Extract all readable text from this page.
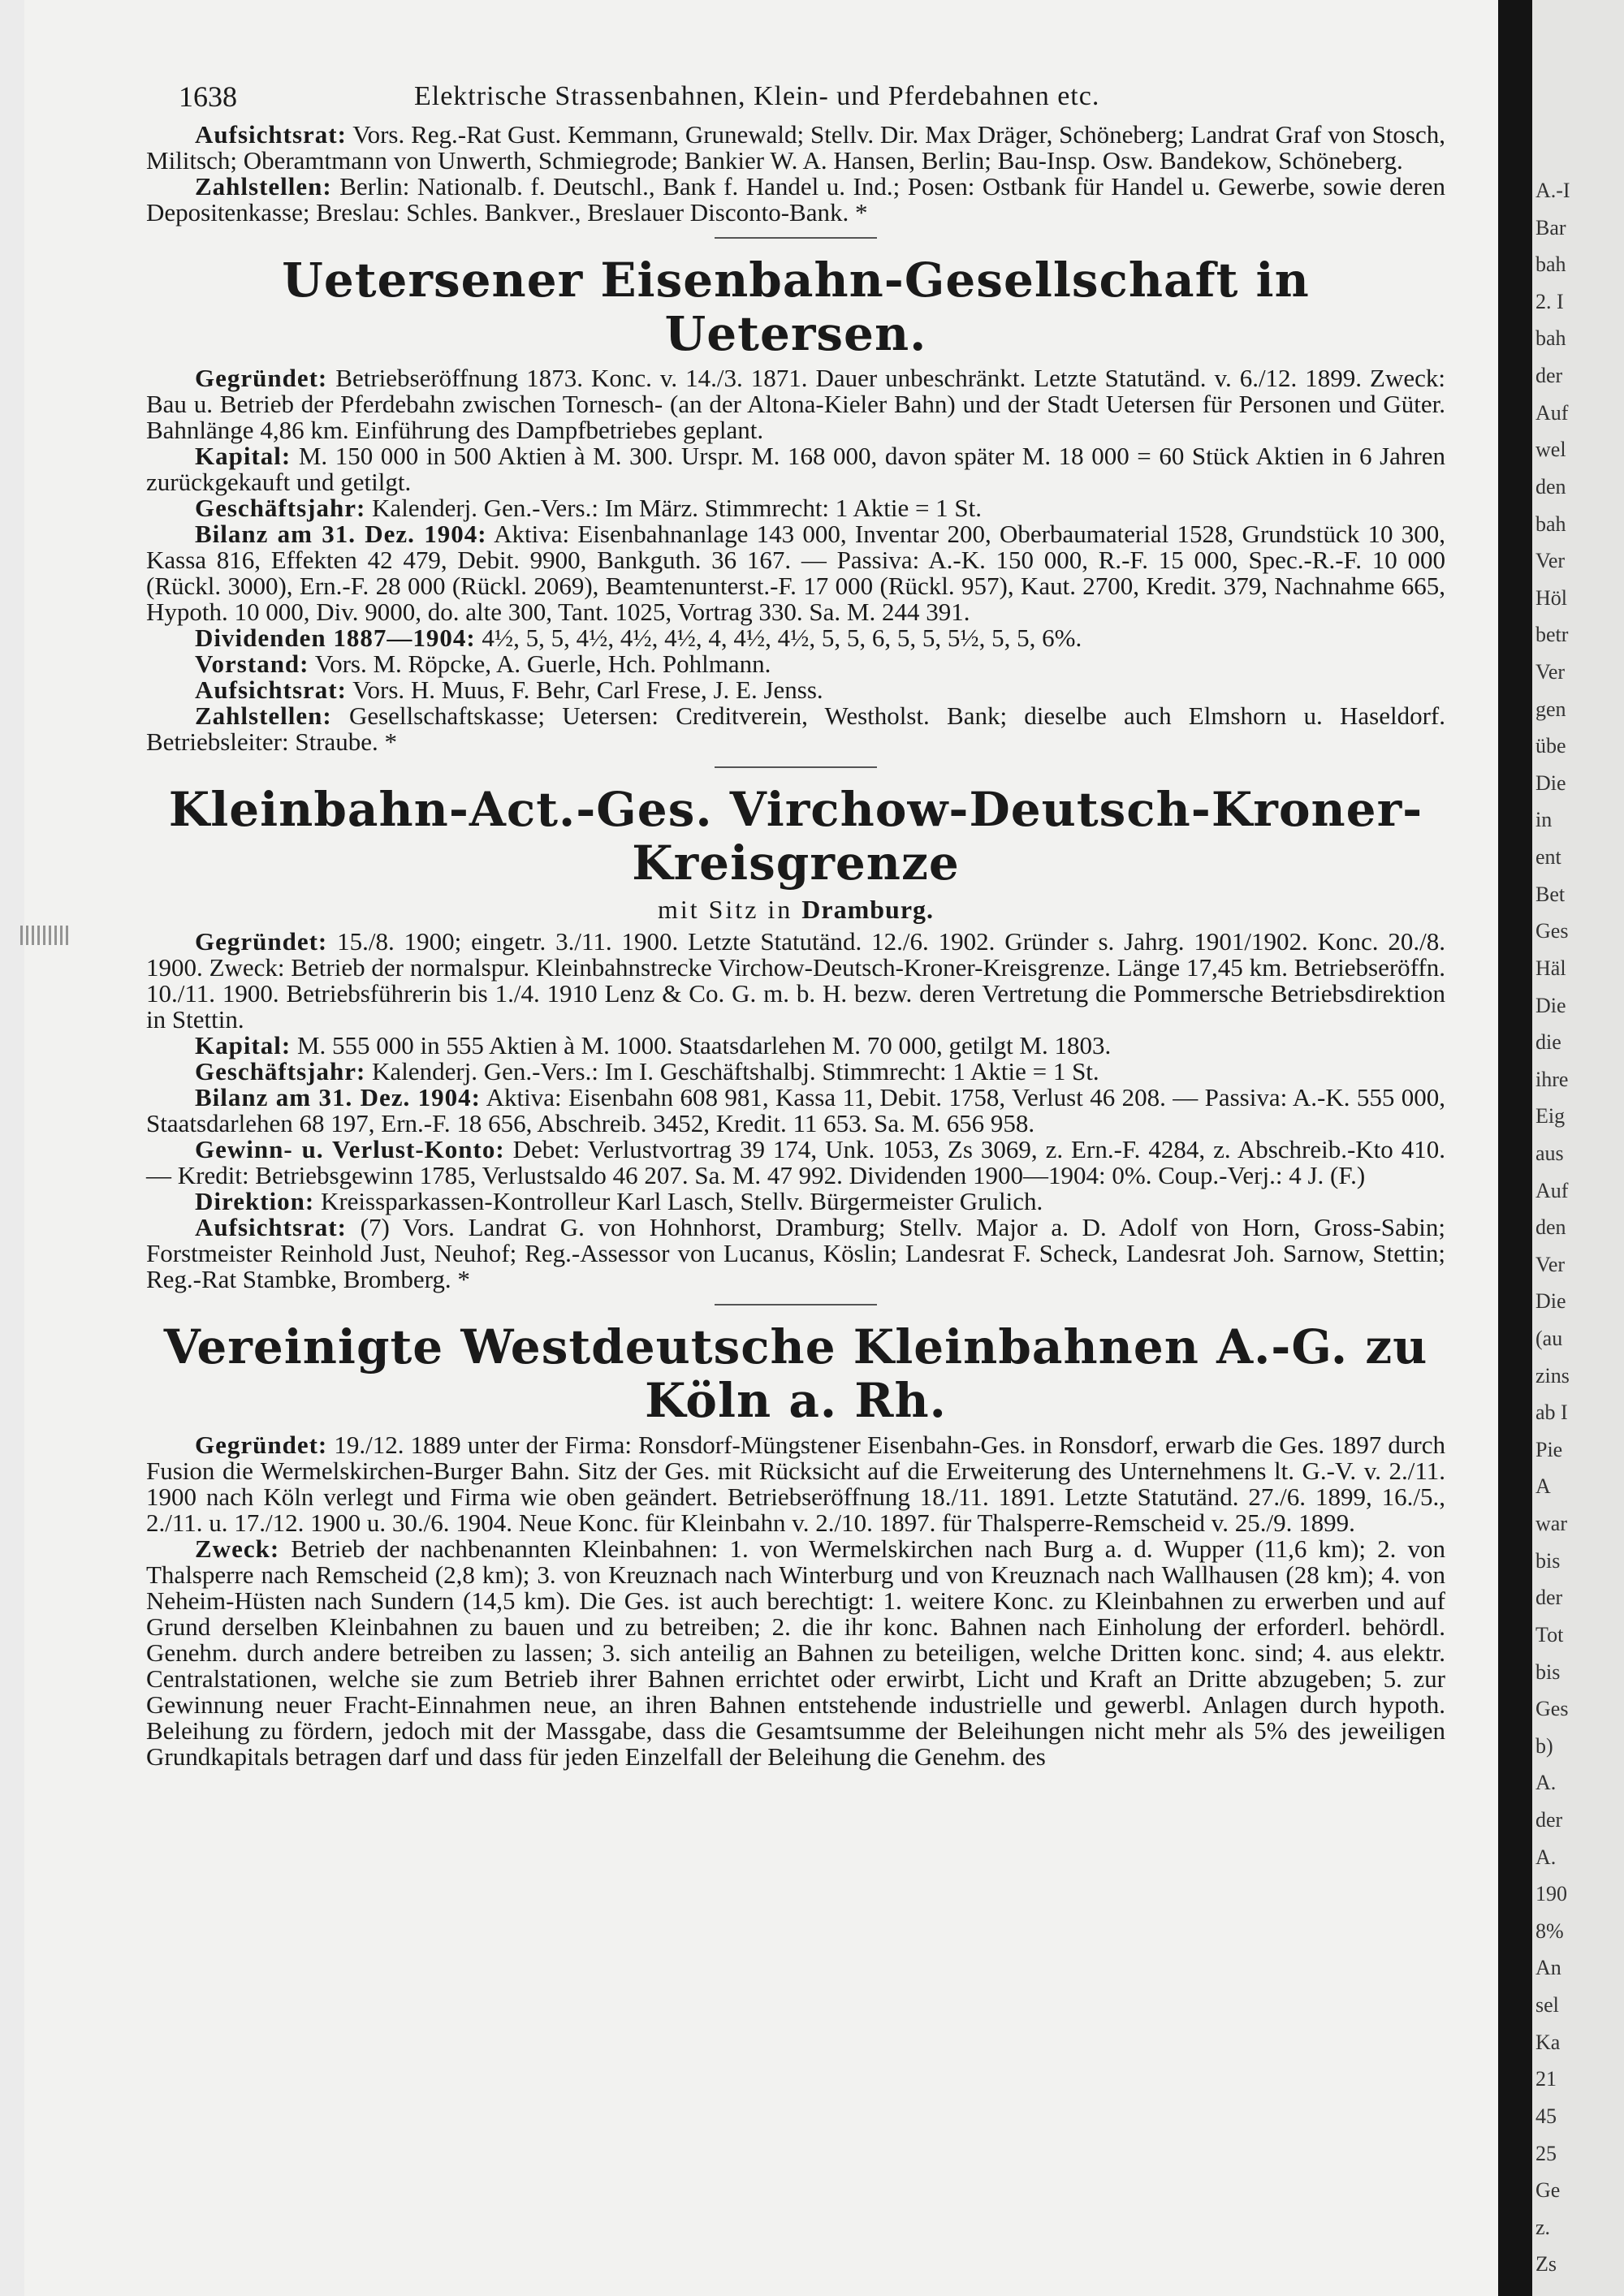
A.-I
Bar
bah
2. I
bah
der
Auf
wel
den
bah
Ver
Höl
betr
Ver
gen
übe
Die
in
ent
Bet
Ges
Häl
Die
die
ihre
Eig
aus
Auf
den
Ver
Die
(au
zins
ab I
Pie
A
war
bis
der
Tot
bis
Ges
b)
A.
der
A.
190
8%
An
sel
Ka
21
45
25
Ge
z.
Zs
1638	Elektrische Strassenbahnen, Klein- und Pferdebahnen etc.

Aufsichtsrat: Vors. Reg.-Rat Gust. Kemmann, Grunewald; Stellv. Dir. Max Dräger, Schöneberg; Landrat Graf von Stosch, Militsch; Oberamtmann von Unwerth, Schmiegrode; Bankier W. A. Hansen, Berlin; Bau-Insp. Osw. Bandekow, Schöneberg.

Zahlstellen: Berlin: Nationalb. f. Deutschl., Bank f. Handel u. Ind.; Posen: Ostbank für Handel u. Gewerbe, sowie deren Depositenkasse; Breslau: Schles. Bankver., Breslauer Disconto-Bank. *

Uetersener Eisenbahn-Gesellschaft in Uetersen.

Gegründet: Betriebseröffnung 1873. Konc. v. 14./3. 1871. Dauer unbeschränkt. Letzte Statutänd. v. 6./12. 1899. Zweck: Bau u. Betrieb der Pferdebahn zwischen Tornesch- (an der Altona-Kieler Bahn) und der Stadt Uetersen für Personen und Güter. Bahnlänge 4,86 km. Einführung des Dampfbetriebes geplant.

Kapital: M. 150 000 in 500 Aktien à M. 300. Urspr. M. 168 000, davon später M. 18 000 = 60 Stück Aktien in 6 Jahren zurückgekauft und getilgt.

Geschäftsjahr: Kalenderj. Gen.-Vers.: Im März. Stimmrecht: 1 Aktie = 1 St.

Bilanz am 31. Dez. 1904: Aktiva: Eisenbahnanlage 143 000, Inventar 200, Oberbaumaterial 1528, Grundstück 10 300, Kassa 816, Effekten 42 479, Debit. 9900, Bankguth. 36 167. — Passiva: A.-K. 150 000, R.-F. 15 000, Spec.-R.-F. 10 000 (Rückl. 3000), Ern.-F. 28 000 (Rückl. 2069), Beamtenunterst.-F. 17 000 (Rückl. 957), Kaut. 2700, Kredit. 379, Nachnahme 665, Hypoth. 10 000, Div. 9000, do. alte 300, Tant. 1025, Vortrag 330. Sa. M. 244 391.

Dividenden 1887—1904: 4½, 5, 5, 4½, 4½, 4½, 4, 4½, 4½, 5, 5, 6, 5, 5, 5½, 5, 5, 6%.

Vorstand: Vors. M. Röpcke, A. Guerle, Hch. Pohlmann.

Aufsichtsrat: Vors. H. Muus, F. Behr, Carl Frese, J. E. Jenss.

Zahlstellen: Gesellschaftskasse; Uetersen: Creditverein, Westholst. Bank; dieselbe auch Elmshorn u. Haseldorf. Betriebsleiter: Straube. *

Kleinbahn-Act.-Ges. Virchow-Deutsch-Kroner-Kreisgrenze
mit Sitz in Dramburg.

Gegründet: 15./8. 1900; eingetr. 3./11. 1900. Letzte Statutänd. 12./6. 1902. Gründer s. Jahrg. 1901/1902. Konc. 20./8. 1900. Zweck: Betrieb der normalspur. Kleinbahnstrecke Virchow-Deutsch-Kroner-Kreisgrenze. Länge 17,45 km. Betriebseröffn. 10./11. 1900. Betriebsführerin bis 1./4. 1910 Lenz & Co. G. m. b. H. bezw. deren Vertretung die Pommersche Betriebsdirektion in Stettin.

Kapital: M. 555 000 in 555 Aktien à M. 1000. Staatsdarlehen M. 70 000, getilgt M. 1803.

Geschäftsjahr: Kalenderj. Gen.-Vers.: Im I. Geschäftshalbj. Stimmrecht: 1 Aktie = 1 St.

Bilanz am 31. Dez. 1904: Aktiva: Eisenbahn 608 981, Kassa 11, Debit. 1758, Verlust 46 208. — Passiva: A.-K. 555 000, Staatsdarlehen 68 197, Ern.-F. 18 656, Abschreib. 3452, Kredit. 11 653. Sa. M. 656 958.

Gewinn- u. Verlust-Konto: Debet: Verlustvortrag 39 174, Unk. 1053, Zs 3069, z. Ern.-F. 4284, z. Abschreib.-Kto 410. — Kredit: Betriebsgewinn 1785, Verlustsaldo 46 207. Sa. M. 47 992. Dividenden 1900—1904: 0%. Coup.-Verj.: 4 J. (F.)

Direktion: Kreissparkassen-Kontrolleur Karl Lasch, Stellv. Bürgermeister Grulich.

Aufsichtsrat: (7) Vors. Landrat G. von Hohnhorst, Dramburg; Stellv. Major a. D. Adolf von Horn, Gross-Sabin; Forstmeister Reinhold Just, Neuhof; Reg.-Assessor von Lucanus, Köslin; Landesrat F. Scheck, Landesrat Joh. Sarnow, Stettin; Reg.-Rat Stambke, Bromberg. *

Vereinigte Westdeutsche Kleinbahnen A.-G. zu Köln a. Rh.

Gegründet: 19./12. 1889 unter der Firma: Ronsdorf-Müngstener Eisenbahn-Ges. in Ronsdorf, erwarb die Ges. 1897 durch Fusion die Wermelskirchen-Burger Bahn. Sitz der Ges. mit Rücksicht auf die Erweiterung des Unternehmens lt. G.-V. v. 2./11. 1900 nach Köln verlegt und Firma wie oben geändert. Betriebseröffnung 18./11. 1891. Letzte Statutänd. 27./6. 1899, 16./5., 2./11. u. 17./12. 1900 u. 30./6. 1904. Neue Konc. für Kleinbahn v. 2./10. 1897. für Thalsperre-Remscheid v. 25./9. 1899.

Zweck: Betrieb der nachbenannten Kleinbahnen: 1. von Wermelskirchen nach Burg a. d. Wupper (11,6 km); 2. von Thalsperre nach Remscheid (2,8 km); 3. von Kreuznach nach Winterburg und von Kreuznach nach Wallhausen (28 km); 4. von Neheim-Hüsten nach Sundern (14,5 km). Die Ges. ist auch berechtigt: 1. weitere Konc. zu Kleinbahnen zu erwerben und auf Grund derselben Kleinbahnen zu bauen und zu betreiben; 2. die ihr konc. Bahnen nach Einholung der erforderl. behördl. Genehm. durch andere betreiben zu lassen; 3. sich anteilig an Bahnen zu beteiligen, welche Dritten konc. sind; 4. aus elektr. Centralstationen, welche sie zum Betrieb ihrer Bahnen errichtet oder erwirbt, Licht und Kraft an Dritte abzugeben; 5. zur Gewinnung neuer Fracht-Einnahmen neue, an ihren Bahnen entstehende industrielle und gewerbl. Anlagen durch hypoth. Beleihung zu fördern, jedoch mit der Massgabe, dass die Gesamtsumme der Beleihungen nicht mehr als 5% des jeweiligen Grundkapitals betragen darf und dass für jeden Einzelfall der Beleihung die Genehm. des
